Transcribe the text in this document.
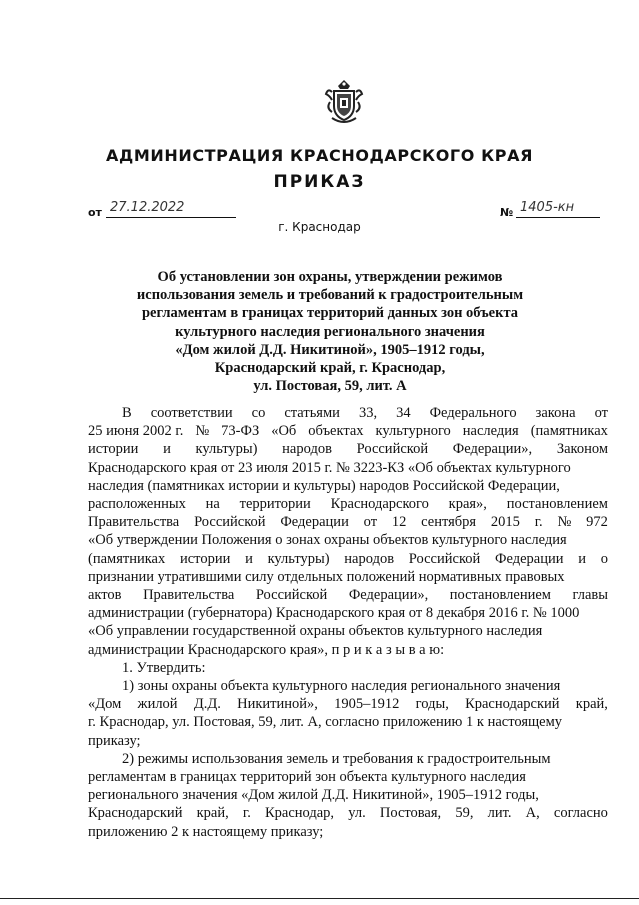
АДМИНИСТРАЦИЯ КРАСНОДАРСКОГО КРАЯ
ПРИКАЗ
от 27.12.2022	№ 1405-кн
г. Краснодар
Об установлении зон охраны, утверждении режимов
использования земель и требований к градостроительным
регламентам в границах территорий данных зон объекта
культурного наследия регионального значения
«Дом жилой Д.Д. Никитиной», 1905–1912 годы,
Краснодарский край, г. Краснодар,
ул. Постовая, 59, лит. А
В соответствии со статьями 33, 34 Федерального закона от
25 июня 2002 г. № 73-ФЗ «Об объектах культурного наследия (памятниках
истории и культуры) народов Российской Федерации», Законом
Краснодарского края от 23 июля 2015 г. № 3223-КЗ «Об объектах культурного
наследия (памятниках истории и культуры) народов Российской Федерации,
расположенных на территории Краснодарского края», постановлением
Правительства Российской Федерации от 12 сентября 2015 г. № 972
«Об утверждении Положения о зонах охраны объектов культурного наследия
(памятниках истории и культуры) народов Российской Федерации и о
признании утратившими силу отдельных положений нормативных правовых
актов Правительства Российской Федерации», постановлением главы
администрации (губернатора) Краснодарского края от 8 декабря 2016 г. № 1000
«Об управлении государственной охраны объектов культурного наследия
администрации Краснодарского края», п р и к а з ы в а ю:
1. Утвердить:
1) зоны охраны объекта культурного наследия регионального значения
«Дом жилой Д.Д. Никитиной», 1905–1912 годы, Краснодарский край,
г. Краснодар, ул. Постовая, 59, лит. А, согласно приложению 1 к настоящему
приказу;
2) режимы использования земель и требования к градостроительным
регламентам в границах территорий зон объекта культурного наследия
регионального значения «Дом жилой Д.Д. Никитиной», 1905–1912 годы,
Краснодарский край, г. Краснодар, ул. Постовая, 59, лит. А, согласно
приложению 2 к настоящему приказу;
